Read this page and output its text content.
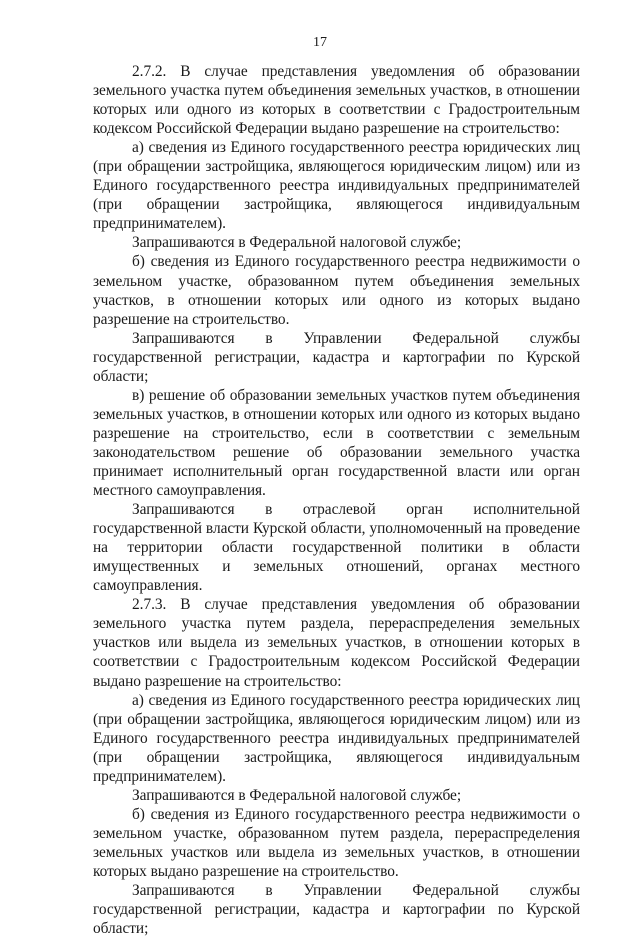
17

2.7.2. В случае представления уведомления об образовании земельного участка путем объединения земельных участков, в отношении которых или одного из которых в соответствии с Градостроительным кодексом Российской Федерации выдано разрешение на строительство:

а) сведения из Единого государственного реестра юридических лиц (при обращении застройщика, являющегося юридическим лицом) или из Единого государственного реестра индивидуальных предпринимателей (при обращении застройщика, являющегося индивидуальным предпринимателем).

Запрашиваются в Федеральной налоговой службе;

б) сведения из Единого государственного реестра недвижимости о земельном участке, образованном путем объединения земельных участков, в отношении которых или одного из которых выдано разрешение на строительство.

Запрашиваются в Управлении Федеральной службы государственной регистрации, кадастра и картографии по Курской области;

в) решение об образовании земельных участков путем объединения земельных участков, в отношении которых или одного из которых выдано разрешение на строительство, если в соответствии с земельным законодательством решение об образовании земельного участка принимает исполнительный орган государственной власти или орган местного самоуправления.

Запрашиваются в отраслевой орган исполнительной государственной власти Курской области, уполномоченный на проведение на территории области государственной политики в области имущественных и земельных отношений, органах местного самоуправления.

2.7.3. В случае представления уведомления об образовании земельного участка путем раздела, перераспределения земельных участков или выдела из земельных участков, в отношении которых в соответствии с Градостроительным кодексом Российской Федерации выдано разрешение на строительство:

а) сведения из Единого государственного реестра юридических лиц (при обращении застройщика, являющегося юридическим лицом) или из Единого государственного реестра индивидуальных предпринимателей (при обращении застройщика, являющегося индивидуальным предпринимателем).

Запрашиваются в Федеральной налоговой службе;

б) сведения из Единого государственного реестра недвижимости о земельном участке, образованном путем раздела, перераспределения земельных участков или выдела из земельных участков, в отношении которых выдано разрешение на строительство.

Запрашиваются в Управлении Федеральной службы государственной регистрации, кадастра и картографии по Курской области;
